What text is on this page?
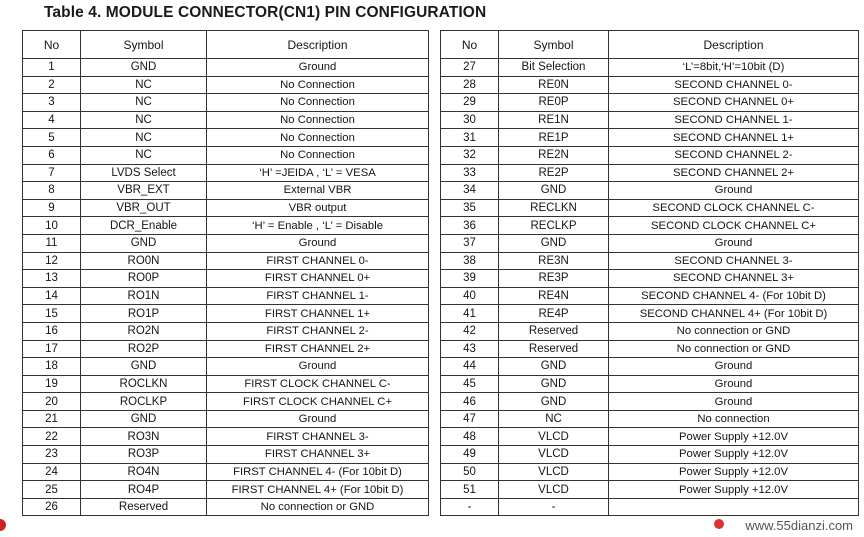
Table 4. MODULE CONNECTOR(CN1) PIN CONFIGURATION
No	Symbol	Description
1	GND	Ground
2	NC	No Connection
3	NC	No Connection
4	NC	No Connection
5	NC	No Connection
6	NC	No Connection
7	LVDS Select	‘H’ =JEIDA , ‘L’ = VESA
8	VBR_EXT	External VBR
9	VBR_OUT	VBR output
10	DCR_Enable	‘H’ = Enable , ‘L’ = Disable
11	GND	Ground
12	RO0N	FIRST CHANNEL 0-
13	RO0P	FIRST CHANNEL 0+
14	RO1N	FIRST CHANNEL 1-
15	RO1P	FIRST CHANNEL 1+
16	RO2N	FIRST CHANNEL 2-
17	RO2P	FIRST CHANNEL 2+
18	GND	Ground
19	ROCLKN	FIRST CLOCK CHANNEL C-
20	ROCLKP	FIRST CLOCK CHANNEL C+
21	GND	Ground
22	RO3N	FIRST CHANNEL 3-
23	RO3P	FIRST CHANNEL 3+
24	RO4N	FIRST CHANNEL 4- (For 10bit D)
25	RO4P	FIRST CHANNEL 4+ (For 10bit D)
26	Reserved	No connection or GND
No	Symbol	Description
27	Bit Selection	‘L’=8bit,‘H’=10bit (D)
28	RE0N	SECOND CHANNEL 0-
29	RE0P	SECOND CHANNEL 0+
30	RE1N	SECOND CHANNEL 1-
31	RE1P	SECOND CHANNEL 1+
32	RE2N	SECOND CHANNEL 2-
33	RE2P	SECOND CHANNEL 2+
34	GND	Ground
35	RECLKN	SECOND CLOCK CHANNEL C-
36	RECLKP	SECOND CLOCK CHANNEL C+
37	GND	Ground
38	RE3N	SECOND CHANNEL 3-
39	RE3P	SECOND CHANNEL 3+
40	RE4N	SECOND CHANNEL 4- (For 10bit D)
41	RE4P	SECOND CHANNEL 4+ (For 10bit D)
42	Reserved	No connection or GND
43	Reserved	No connection or GND
44	GND	Ground
45	GND	Ground
46	GND	Ground
47	NC	No connection
48	VLCD	Power Supply +12.0V
49	VLCD	Power Supply +12.0V
50	VLCD	Power Supply +12.0V
51	VLCD	Power Supply +12.0V
-	-	
www.55dianzi.com
